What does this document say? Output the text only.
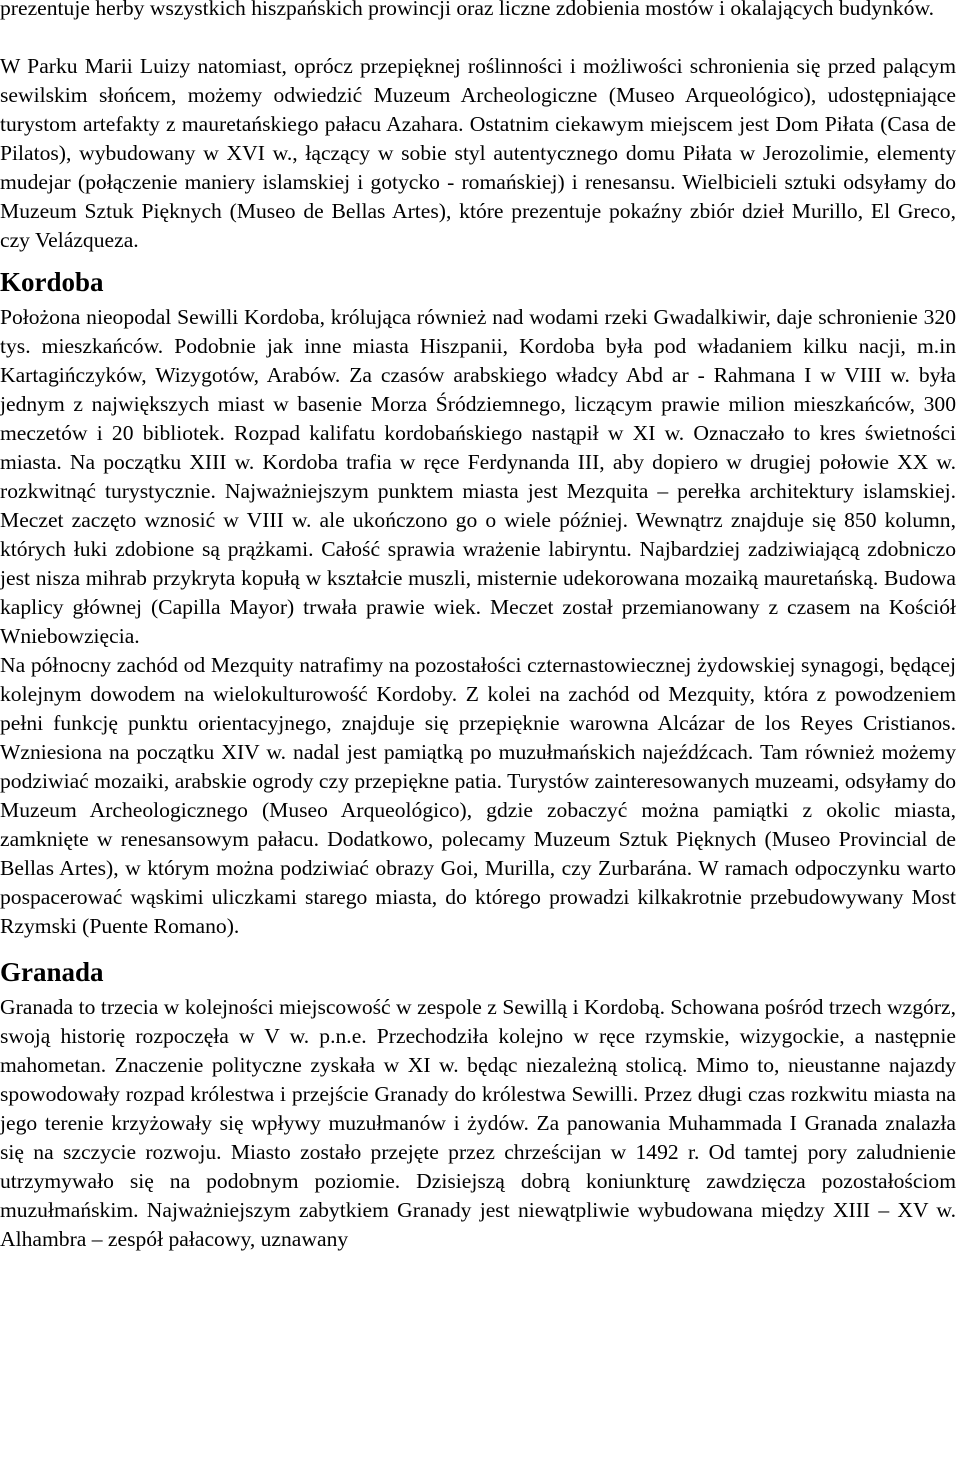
prezentuje herby wszystkich hiszpańskich prowincji oraz liczne zdobienia mostów i okalających budynków.

W Parku Marii Luizy natomiast, oprócz przepięknej roślinności i możliwości schronienia się przed palącym sewilskim słońcem, możemy odwiedzić Muzeum Archeologiczne (Museo Arqueológico), udostępniające turystom artefakty z mauretańskiego pałacu Azahara. Ostatnim ciekawym miejscem jest Dom Piłata (Casa de Pilatos), wybudowany w XVI w., łączący w sobie styl autentycznego domu Piłata w Jerozolimie, elementy mudejar (połączenie maniery islamskiej i gotycko - romańskiej) i renesansu. Wielbicieli sztuki odsyłamy do Muzeum Sztuk Pięknych (Museo de Bellas Artes), które prezentuje pokaźny zbiór dzieł Murillo, El Greco, czy Velázqueza.

Kordoba

Położona nieopodal Sewilli Kordoba, królująca również nad wodami rzeki Gwadalkiwir, daje schronienie 320 tys. mieszkańców. Podobnie jak inne miasta Hiszpanii, Kordoba była pod władaniem kilku nacji, m.in Kartagińczyków, Wizygotów, Arabów. Za czasów arabskiego władcy Abd ar - Rahmana I w VIII w. była jednym z największych miast w basenie Morza Śródziemnego, liczącym prawie milion mieszkańców, 300 meczetów i 20 bibliotek. Rozpad kalifatu kordobańskiego nastąpił w XI w. Oznaczało to kres świetności miasta. Na początku XIII w. Kordoba trafia w ręce Ferdynanda III, aby dopiero w drugiej połowie XX w. rozkwitnąć turystycznie. Najważniejszym punktem miasta jest Mezquita – perełka architektury islamskiej. Meczet zaczęto wznosić w VIII w. ale ukończono go o wiele później. Wewnątrz znajduje się 850 kolumn, których łuki zdobione są prążkami. Całość sprawia wrażenie labiryntu. Najbardziej zadziwiającą zdobniczo jest nisza mihrab przykryta kopułą w kształcie muszli, misternie udekorowana mozaiką mauretańską. Budowa kaplicy głównej (Capilla Mayor) trwała prawie wiek. Meczet został przemianowany z czasem na Kościół Wniebowzięcia.

Na północny zachód od Mezquity natrafimy na pozostałości czternastowiecznej żydowskiej synagogi, będącej kolejnym dowodem na wielokulturowość Kordoby. Z kolei na zachód od Mezquity, która z powodzeniem pełni funkcję punktu orientacyjnego, znajduje się przepięknie warowna Alcázar de los Reyes Cristianos. Wzniesiona na początku XIV w. nadal jest pamiątką po muzułmańskich najeźdźcach. Tam również możemy podziwiać mozaiki, arabskie ogrody czy przepiękne patia. Turystów zainteresowanych muzeami, odsyłamy do Muzeum Archeologicznego (Museo Arqueológico), gdzie zobaczyć można pamiątki z okolic miasta, zamknięte w renesansowym pałacu. Dodatkowo, polecamy Muzeum Sztuk Pięknych (Museo Provincial de Bellas Artes), w którym można podziwiać obrazy Goi, Murilla, czy Zurbarána. W ramach odpoczynku warto pospacerować wąskimi uliczkami starego miasta, do którego prowadzi kilkakrotnie przebudowywany Most Rzymski (Puente Romano).

Granada

Granada to trzecia w kolejności miejscowość w zespole z Sewillą i Kordobą. Schowana pośród trzech wzgórz, swoją historię rozpoczęła w V w. p.n.e. Przechodziła kolejno w ręce rzymskie, wizygockie, a następnie mahometan. Znaczenie polityczne zyskała w XI w. będąc niezależną stolicą. Mimo to, nieustanne najazdy spowodowały rozpad królestwa i przejście Granady do królestwa Sewilli. Przez długi czas rozkwitu miasta na jego terenie krzyżowały się wpływy muzułmanów i żydów. Za panowania Muhammada I Granada znalazła się na szczycie rozwoju. Miasto zostało przejęte przez chrześcijan w 1492 r. Od tamtej pory zaludnienie utrzymywało się na podobnym poziomie. Dzisiejszą dobrą koniunkturę zawdzięcza pozostałościom muzułmańskim. Najważniejszym zabytkiem Granady jest niewątpliwie wybudowana między XIII – XV w. Alhambra – zespół pałacowy, uznawany
